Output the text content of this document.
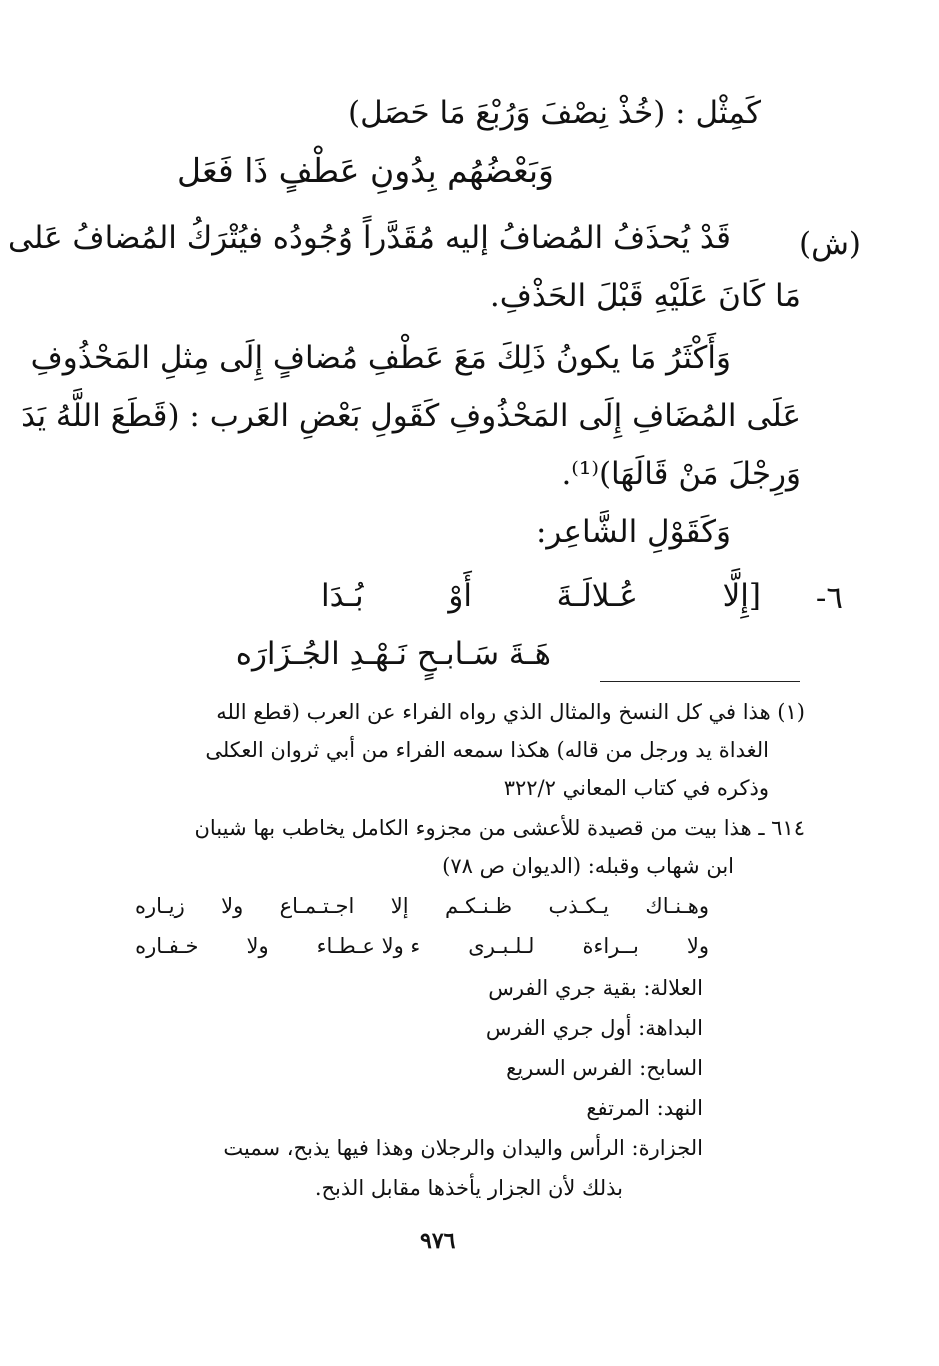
كَمِثْل : (خُذْ نِصْفَ وَرُبْعَ مَا حَصَل)
وَبَعْضُهُم بِدُونِ عَطْفٍ ذَا فَعَل
(ش)
قَدْ يُحذَفُ المُضافُ إليه مُقَدَّراً وُجُودُه فيُتْرَكُ المُضافُ عَلى
مَا كَانَ عَلَيْهِ قَبْلَ الحَذْفِ.
وَأَكْثَرُ مَا يكونُ ذَلِكَ مَعَ عَطْفِ مُضافٍ إِلَى مِثلِ المَحْذُوفِ
عَلَى المُضَافِ إِلَى المَحْذُوفِ كَقَولِ بَعْضِ العَرب : (قَطَعَ اللَّهُ يَدَ
وَرِجْلَ مَنْ قَالَهَا)⁽¹⁾.
وَكَقَوْلِ الشَّاعِر:
٦-
[إِلَّا
عُـلالَـةَ
أَوْ
بُـدَا
هَـةَ سَـابـحٍ نَـهْـدِ الجُـزَارَه
(١) هذا في كل النسخ والمثال الذي رواه الفراء عن العرب (قطع الله
الغداة يد ورجل من قاله) هكذا سمعه الفراء من أبي ثروان العكلى
وذكره في كتاب المعاني ٣٢٢/٢
٦١٤ ـ هذا بيت من قصيدة للأعشى من مجزوء الكامل يخاطب بها شيبان
ابن شهاب وقبله: (الديوان ص ٧٨)
وهـنـاك
يـكـذب
ظـنـكـم
إلا
اجـتـمـاع
ولا
زيـاره
ولا
بــراءة
لـلـبـرى
ء ولا عـطـاء
ولا
خـفـاره
العلالة: بقية جري الفرس
البداهة: أول جري الفرس
السابح: الفرس السريع
النهد: المرتفع
الجزارة: الرأس واليدان والرجلان وهذا فيها يذبح، سميت
بذلك لأن الجزار يأخذها مقابل الذبح.
٩٧٦
